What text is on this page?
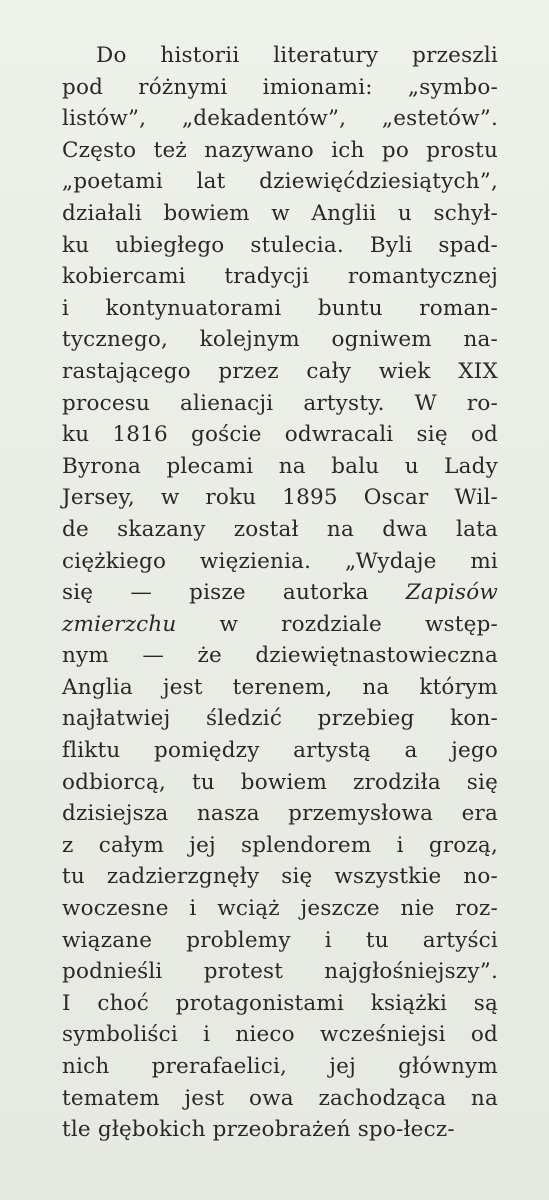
Do historii literatury przeszli
pod różnymi imionami: „symbo-
listów”, „dekadentów”, „estetów”.
Często też nazywano ich po prostu
„poetami lat dziewięćdziesiątych”,
działali bowiem w Anglii u schył-
ku ubiegłego stulecia. Byli spad-
kobiercami tradycji romantycznej
i kontynuatorami buntu roman-
tycznego, kolejnym ogniwem na-
rastającego przez cały wiek XIX
procesu alienacji artysty. W ro-
ku 1816 goście odwracali się od
Byrona plecami na balu u Lady
Jersey, w roku 1895 Oscar Wil-
de skazany został na dwa lata
ciężkiego więzienia. „Wydaje mi
się — pisze autorka Zapisów
zmierzchu w rozdziale wstęp-
nym — że dziewiętnastowieczna
Anglia jest terenem, na którym
najłatwiej śledzić przebieg kon-
fliktu pomiędzy artystą a jego
odbiorcą, tu bowiem zrodziła się
dzisiejsza nasza przemysłowa era
z całym jej splendorem i grozą,
tu zadzierzgnęły się wszystkie no-
woczesne i wciąż jeszcze nie roz-
wiązane problemy i tu artyści
podnieśli protest najgłośniejszy”.
I choć protagonistami książki są
symboliści i nieco wcześniejsi od
nich prerafaelici, jej głównym
tematem jest owa zachodząca na
tle głębokich przeobrażeń spo-łecz-
